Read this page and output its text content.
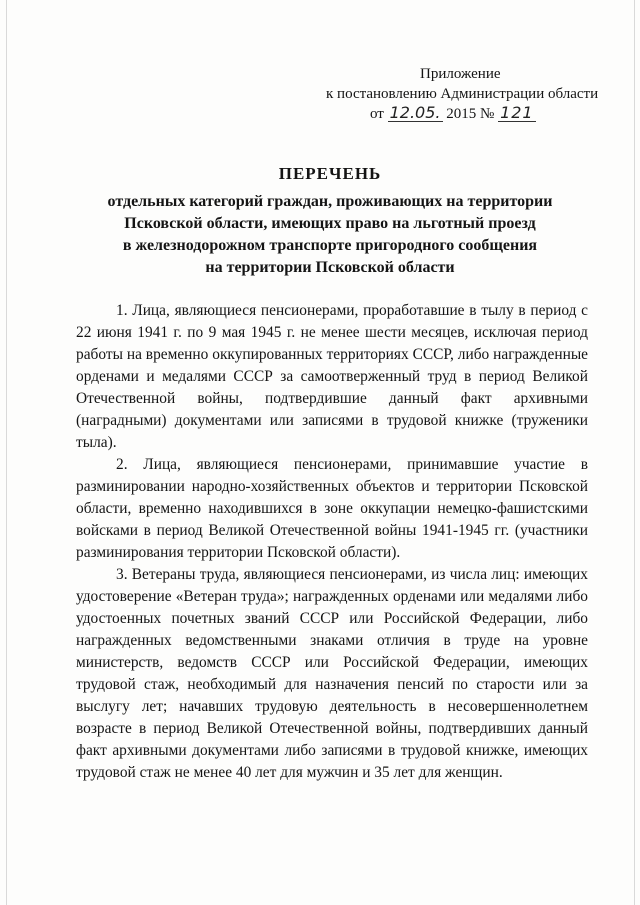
Приложение
к постановлению Администрации области
от 12.05. 2015 № 121
ПЕРЕЧЕНЬ
отдельных категорий граждан, проживающих на территории
Псковской области, имеющих право на льготный проезд
в железнодорожном транспорте пригородного сообщения
на территории Псковской области

1. Лица, являющиеся пенсионерами, проработавшие в тылу в период с 22 июня 1941 г. по 9 мая 1945 г. не менее шести месяцев, исключая период работы на временно оккупированных территориях СССР, либо награжденные орденами и медалями СССР за самоотверженный труд в период Великой Отечественной войны, подтвердившие данный факт архивными (наградными) документами или записями в трудовой книжке (труженики тыла).

2. Лица, являющиеся пенсионерами, принимавшие участие в разминировании народно-хозяйственных объектов и территории Псковской области, временно находившихся в зоне оккупации немецко-фашистскими войсками в период Великой Отечественной войны 1941-1945 гг. (участники разминирования территории Псковской области).

3. Ветераны труда, являющиеся пенсионерами, из числа лиц: имеющих удостоверение «Ветеран труда»; награжденных орденами или медалями либо удостоенных почетных званий СССР или Российской Федерации, либо награжденных ведомственными знаками отличия в труде на уровне министерств, ведомств СССР или Российской Федерации, имеющих трудовой стаж, необходимый для назначения пенсий по старости или за выслугу лет; начавших трудовую деятельность в несовершеннолетнем возрасте в период Великой Отечественной войны, подтвердивших данный факт архивными документами либо записями в трудовой книжке, имеющих трудовой стаж не менее 40 лет для мужчин и 35 лет для женщин.
